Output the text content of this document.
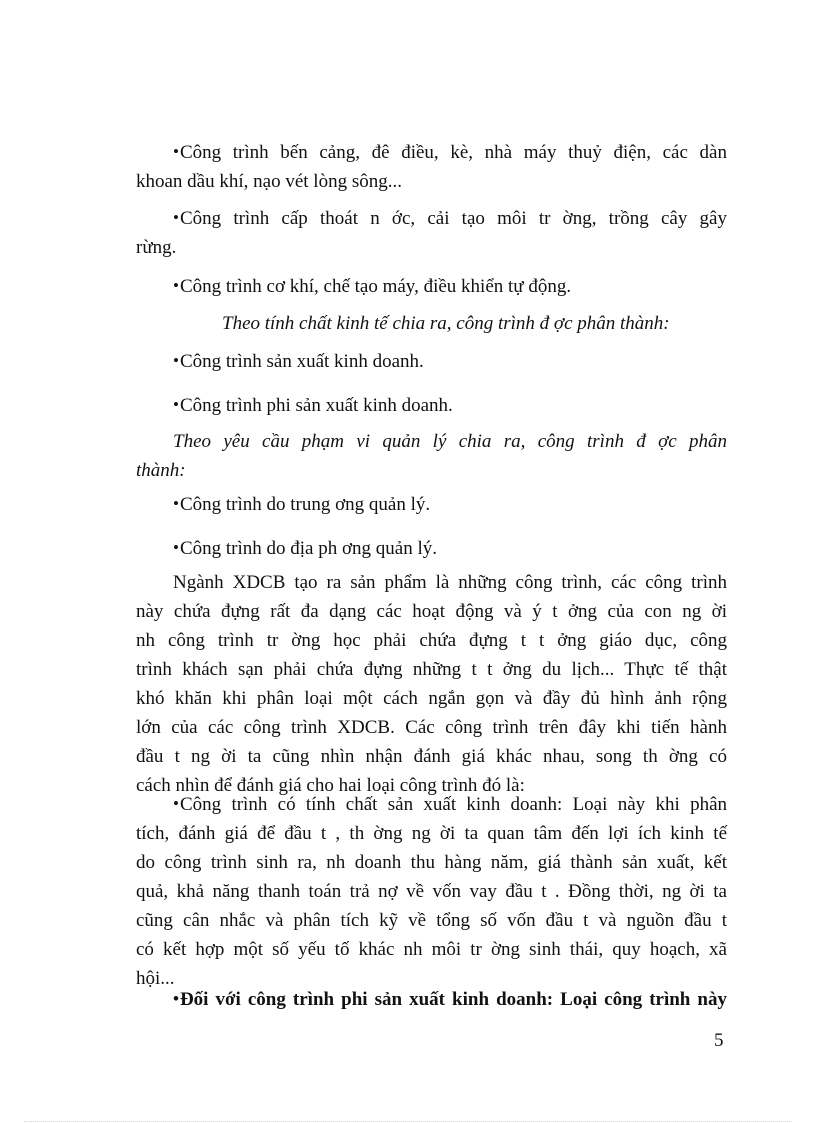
•Công trình bến cảng, đê điều, kè, nhà máy thuỷ điện, các dàn
khoan dầu khí, nạo vét lòng sông...

•Công trình cấp thoát n ớc, cải tạo môi tr ờng, trồng cây gây
rừng.

•Công trình cơ khí, chế tạo máy, điều khiển tự động.

Theo tính chất kinh tế chia ra, công trình đ ợc phân thành:

•Công trình sản xuất kinh doanh.

•Công trình phi sản xuất kinh doanh.

Theo yêu cầu phạm vi quản lý chia ra, công trình đ ợc phân
thành:

•Công trình do trung ơng quản lý.

•Công trình do địa ph ơng quản lý.

Ngành XDCB tạo ra sản phẩm là những công trình, các công trình
này chứa đựng rất đa dạng các hoạt động và ý t ởng của con ng ời
nh công trình tr ờng học phải chứa đựng t t ởng giáo dục, công
trình khách sạn phải chứa đựng những t t ởng du lịch... Thực tế thật
khó khăn khi phân loại một cách ngắn gọn và đầy đủ hình ảnh rộng
lớn của các công trình XDCB. Các công trình trên đây khi tiến hành
đầu t ng ời ta cũng nhìn nhận đánh giá khác nhau, song th ờng có
cách nhìn để đánh giá cho hai loại công trình đó là:

•Công trình có tính chất sản xuất kinh doanh: Loại này khi phân
tích, đánh giá để đầu t , th ờng ng ời ta quan tâm đến lợi ích kinh tế
do công trình sinh ra, nh doanh thu hàng năm, giá thành sản xuất, kết
quả, khả năng thanh toán trả nợ về vốn vay đầu t . Đồng thời, ng ời ta
cũng cân nhắc và phân tích kỹ về tổng số vốn đầu t và nguồn đầu t
có kết hợp một số yếu tố khác nh môi tr ờng sinh thái, quy hoạch, xã
hội...

•Đối với công trình phi sản xuất kinh doanh: Loại công trình này

5
